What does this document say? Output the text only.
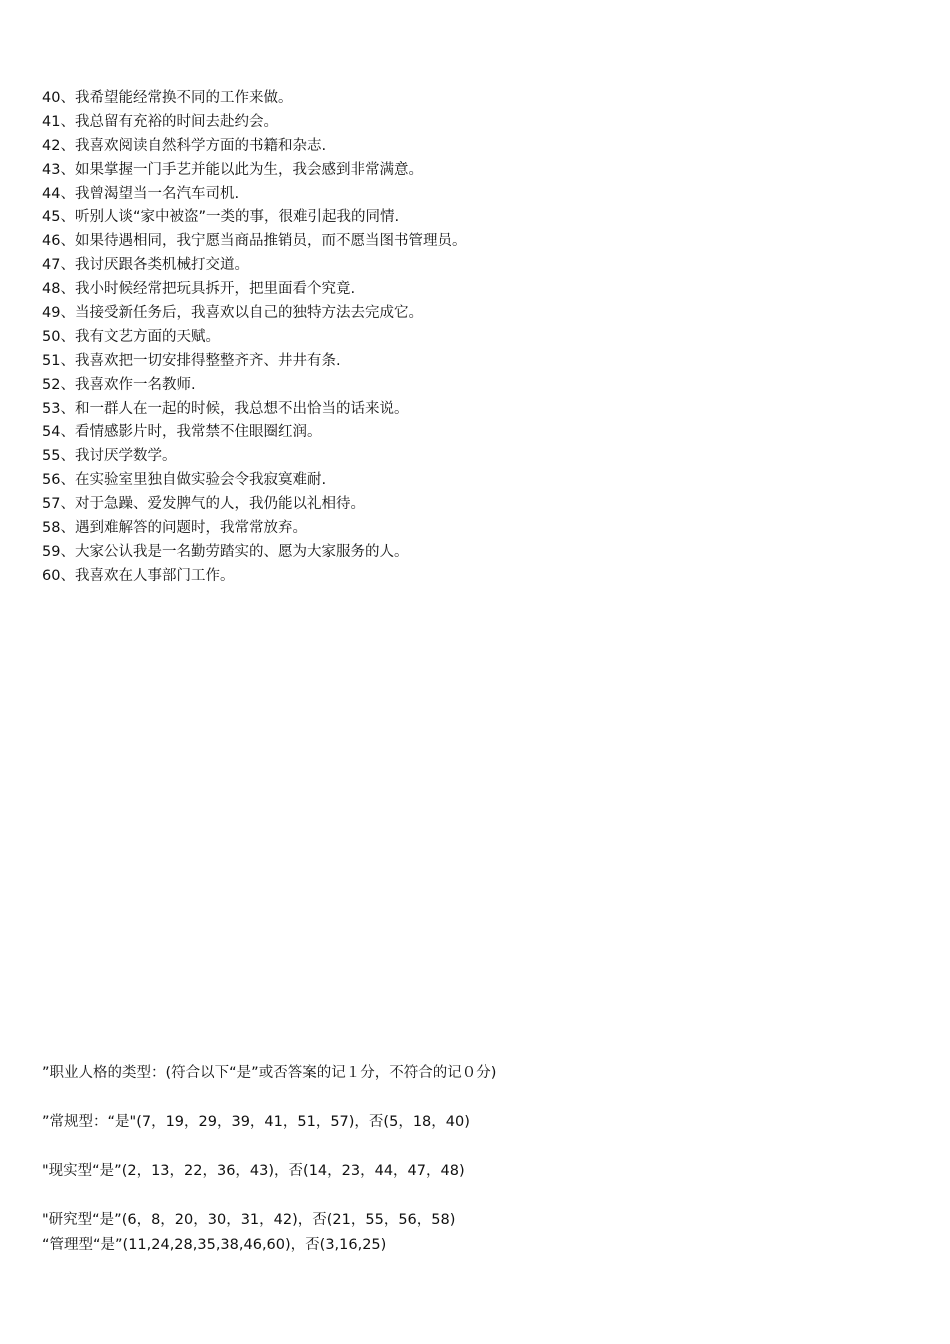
40、我希望能经常换不同的工作来做。
41、我总留有充裕的时间去赴约会。
42、我喜欢阅读自然科学方面的书籍和杂志.
43、如果掌握一门手艺并能以此为生，我会感到非常满意。
44、我曾渴望当一名汽车司机.
45、听别人谈“家中被盗”一类的事，很难引起我的同情.
46、如果待遇相同，我宁愿当商品推销员，而不愿当图书管理员。
47、我讨厌跟各类机械打交道。
48、我小时候经常把玩具拆开，把里面看个究竟.
49、当接受新任务后，我喜欢以自己的独特方法去完成它。
50、我有文艺方面的天赋。
51、我喜欢把一切安排得整整齐齐、井井有条.
52、我喜欢作一名教师.
53、和一群人在一起的时候，我总想不出恰当的话来说。
54、看情感影片时，我常禁不住眼圈红润。
55、我讨厌学数学。
56、在实验室里独自做实验会令我寂寞难耐.
57、对于急躁、爱发脾气的人，我仍能以礼相待。
58、遇到难解答的问题时，我常常放弃。
59、大家公认我是一名勤劳踏实的、愿为大家服务的人。
60、我喜欢在人事部门工作。
”职业人格的类型：(符合以下“是”或否答案的记１分，不符合的记０分)
”常规型：“是"(7，19，29，39，41，51，57)，否(5，18，40)
"现实型“是”(2，13，22，36，43)，否(14，23，44，47，48)
"研究型“是”(6，8，20，30，31，42)，否(21，55，56，58)
“管理型“是”(11,24,28,35,38,46,60)，否(3,16,25)
